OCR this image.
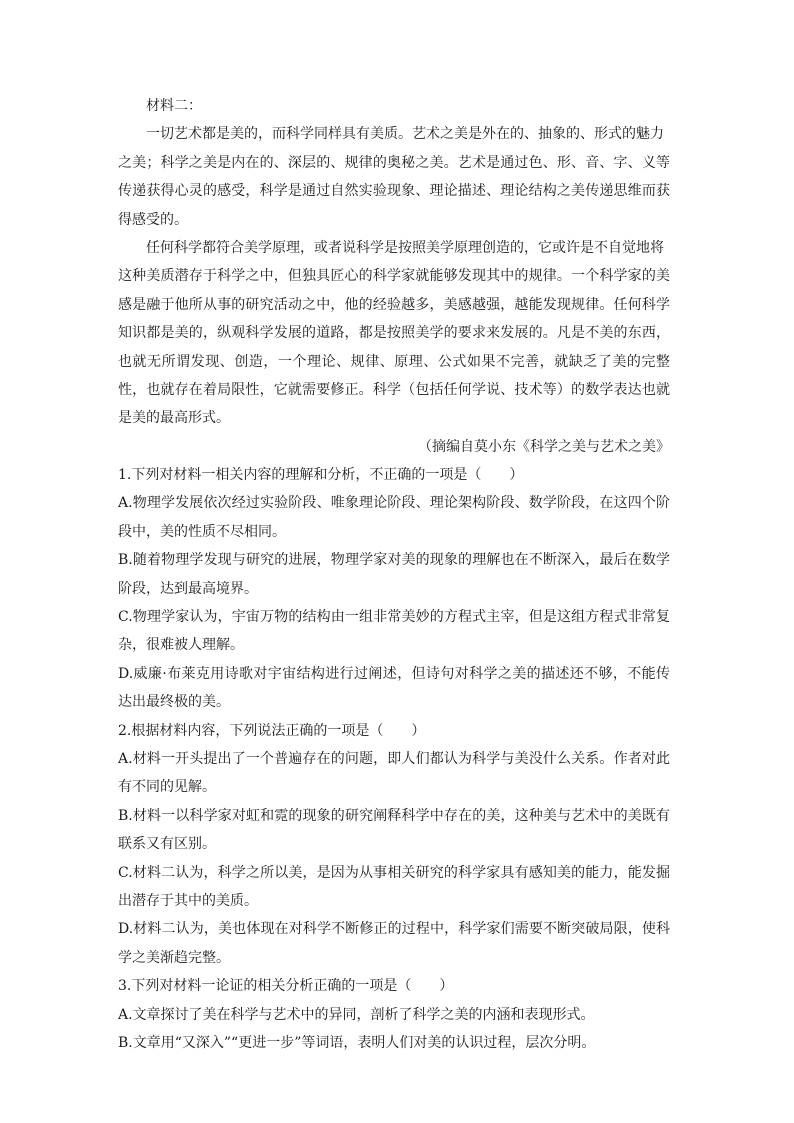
材料二：
一切艺术都是美的，而科学同样具有美质。艺术之美是外在的、抽象的、形式的魅力
之美；科学之美是内在的、深层的、规律的奥秘之美。艺术是通过色、形、音、字、义等
传递获得心灵的感受，科学是通过自然实验现象、理论描述、理论结构之美传递思维而获
得感受的。
任何科学都符合美学原理，或者说科学是按照美学原理创造的，它或许是不自觉地将
这种美质潜存于科学之中，但独具匠心的科学家就能够发现其中的规律。一个科学家的美
感是融于他所从事的研究活动之中，他的经验越多，美感越强，越能发现规律。任何科学
知识都是美的，纵观科学发展的道路，都是按照美学的要求来发展的。凡是不美的东西，
也就无所谓发现、创造，一个理论、规律、原理、公式如果不完善，就缺乏了美的完整
性，也就存在着局限性，它就需要修正。科学（包括任何学说、技术等）的数学表达也就
是美的最高形式。
（摘编自莫小东《科学之美与艺术之美》
1.下列对材料一相关内容的理解和分析，不正确的一项是（　　）
A.物理学发展依次经过实验阶段、唯象理论阶段、理论架构阶段、数学阶段，在这四个阶
段中，美的性质不尽相同。
B.随着物理学发现与研究的进展，物理学家对美的现象的理解也在不断深入，最后在数学
阶段，达到最高境界。
C.物理学家认为，宇宙万物的结构由一组非常美妙的方程式主宰，但是这组方程式非常复
杂，很难被人理解。
D.威廉·布莱克用诗歌对宇宙结构进行过阐述，但诗句对科学之美的描述还不够，不能传
达出最终极的美。
2.根据材料内容，下列说法正确的一项是（　　）
A.材料一开头提出了一个普遍存在的问题，即人们都认为科学与美没什么关系。作者对此
有不同的见解。
B.材料一以科学家对虹和霓的现象的研究阐释科学中存在的美，这种美与艺术中的美既有
联系又有区别。
C.材料二认为，科学之所以美，是因为从事相关研究的科学家具有感知美的能力，能发掘
出潜存于其中的美质。
D.材料二认为，美也体现在对科学不断修正的过程中，科学家们需要不断突破局限，使科
学之美渐趋完整。
3.下列对材料一论证的相关分析正确的一项是（　　）
A.文章探讨了美在科学与艺术中的异同，剖析了科学之美的内涵和表现形式。
B.文章用“又深入”“更进一步”等词语，表明人们对美的认识过程，层次分明。
